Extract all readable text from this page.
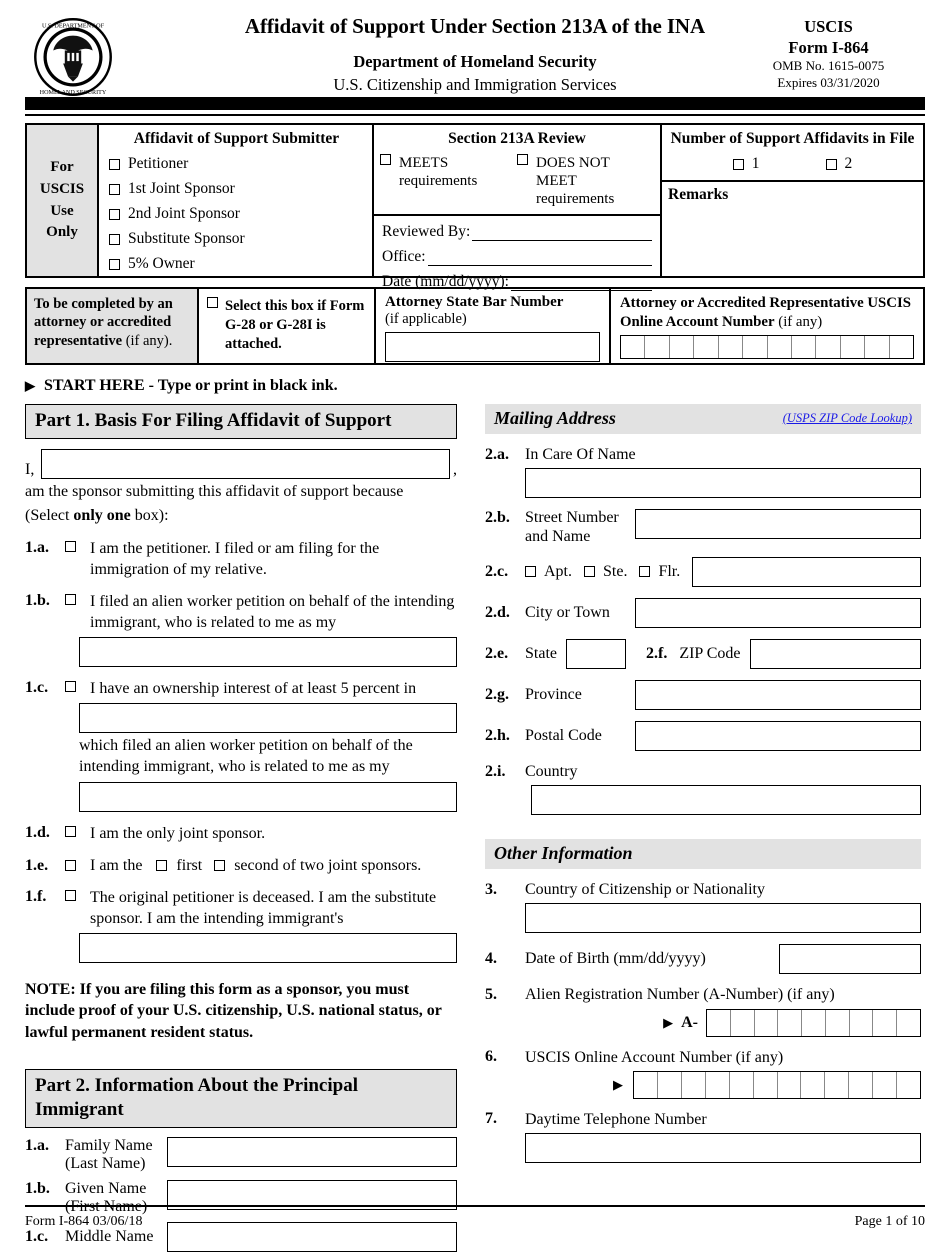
U.S. DEPARTMENT OF
HOMELAND SECURITY
Affidavit of Support Under Section 213A of the INA
Department of Homeland Security
U.S. Citizenship and Immigration Services
USCIS
Form I-864
OMB No. 1615-0075
Expires 03/31/2020
For
USCIS
Use
Only
Affidavit of Support Submitter
Petitioner
1st Joint Sponsor
2nd Joint Sponsor
Substitute Sponsor
5% Owner
Section 213A Review
MEETS
requirements
DOES NOT MEET
requirements
Reviewed By:
Office:
Date (mm/dd/yyyy):
Number of Support Affidavits in File
1	2
Remarks
To be completed by an attorney or accredited representative (if any).
Select this box if Form G-28 or G-28I is attached.
Attorney State Bar Number
(if applicable)
Attorney or Accredited Representative USCIS Online Account Number (if any)
▶ START HERE - Type or print in black ink.
Part 1. Basis For Filing Affidavit of Support
I,	,
am the sponsor submitting this affidavit of support because
(Select only one box):
1.a.	I am the petitioner. I filed or am filing for the immigration of my relative.
1.b.	I filed an alien worker petition on behalf of the intending immigrant, who is related to me as my
1.c.	I have an ownership interest of at least 5 percent in
which filed an alien worker petition on behalf of the intending immigrant, who is related to me as my
1.d.	I am the only joint sponsor.
1.e.	I am the first second of two joint sponsors.
1.f.	The original petitioner is deceased. I am the substitute sponsor. I am the intending immigrant's
NOTE: If you are filing this form as a sponsor, you must include proof of your U.S. citizenship, U.S. national status, or lawful permanent resident status.
Part 2. Information About the Principal Immigrant
1.a.	Family Name
(Last Name)
1.b. Given Name
(First Name)
1.c.	Middle Name
Mailing Address	(USPS ZIP Code Lookup)
2.a.	In Care Of Name
2.b. Street Number
and Name
2.c.	Apt. Ste. Flr.
2.d. City or Town
2.e.	State	2.f. ZIP Code
2.g.	Province
2.h. Postal Code
2.i.	Country
Other Information
3.	Country of Citizenship or Nationality
4.	Date of Birth (mm/dd/yyyy)
5.	Alien Registration Number (A-Number) (if any)
▶ A-
6.	USCIS Online Account Number (if any)
▶
7.	Daytime Telephone Number
Form I-864 03/06/18	Page 1 of 10
